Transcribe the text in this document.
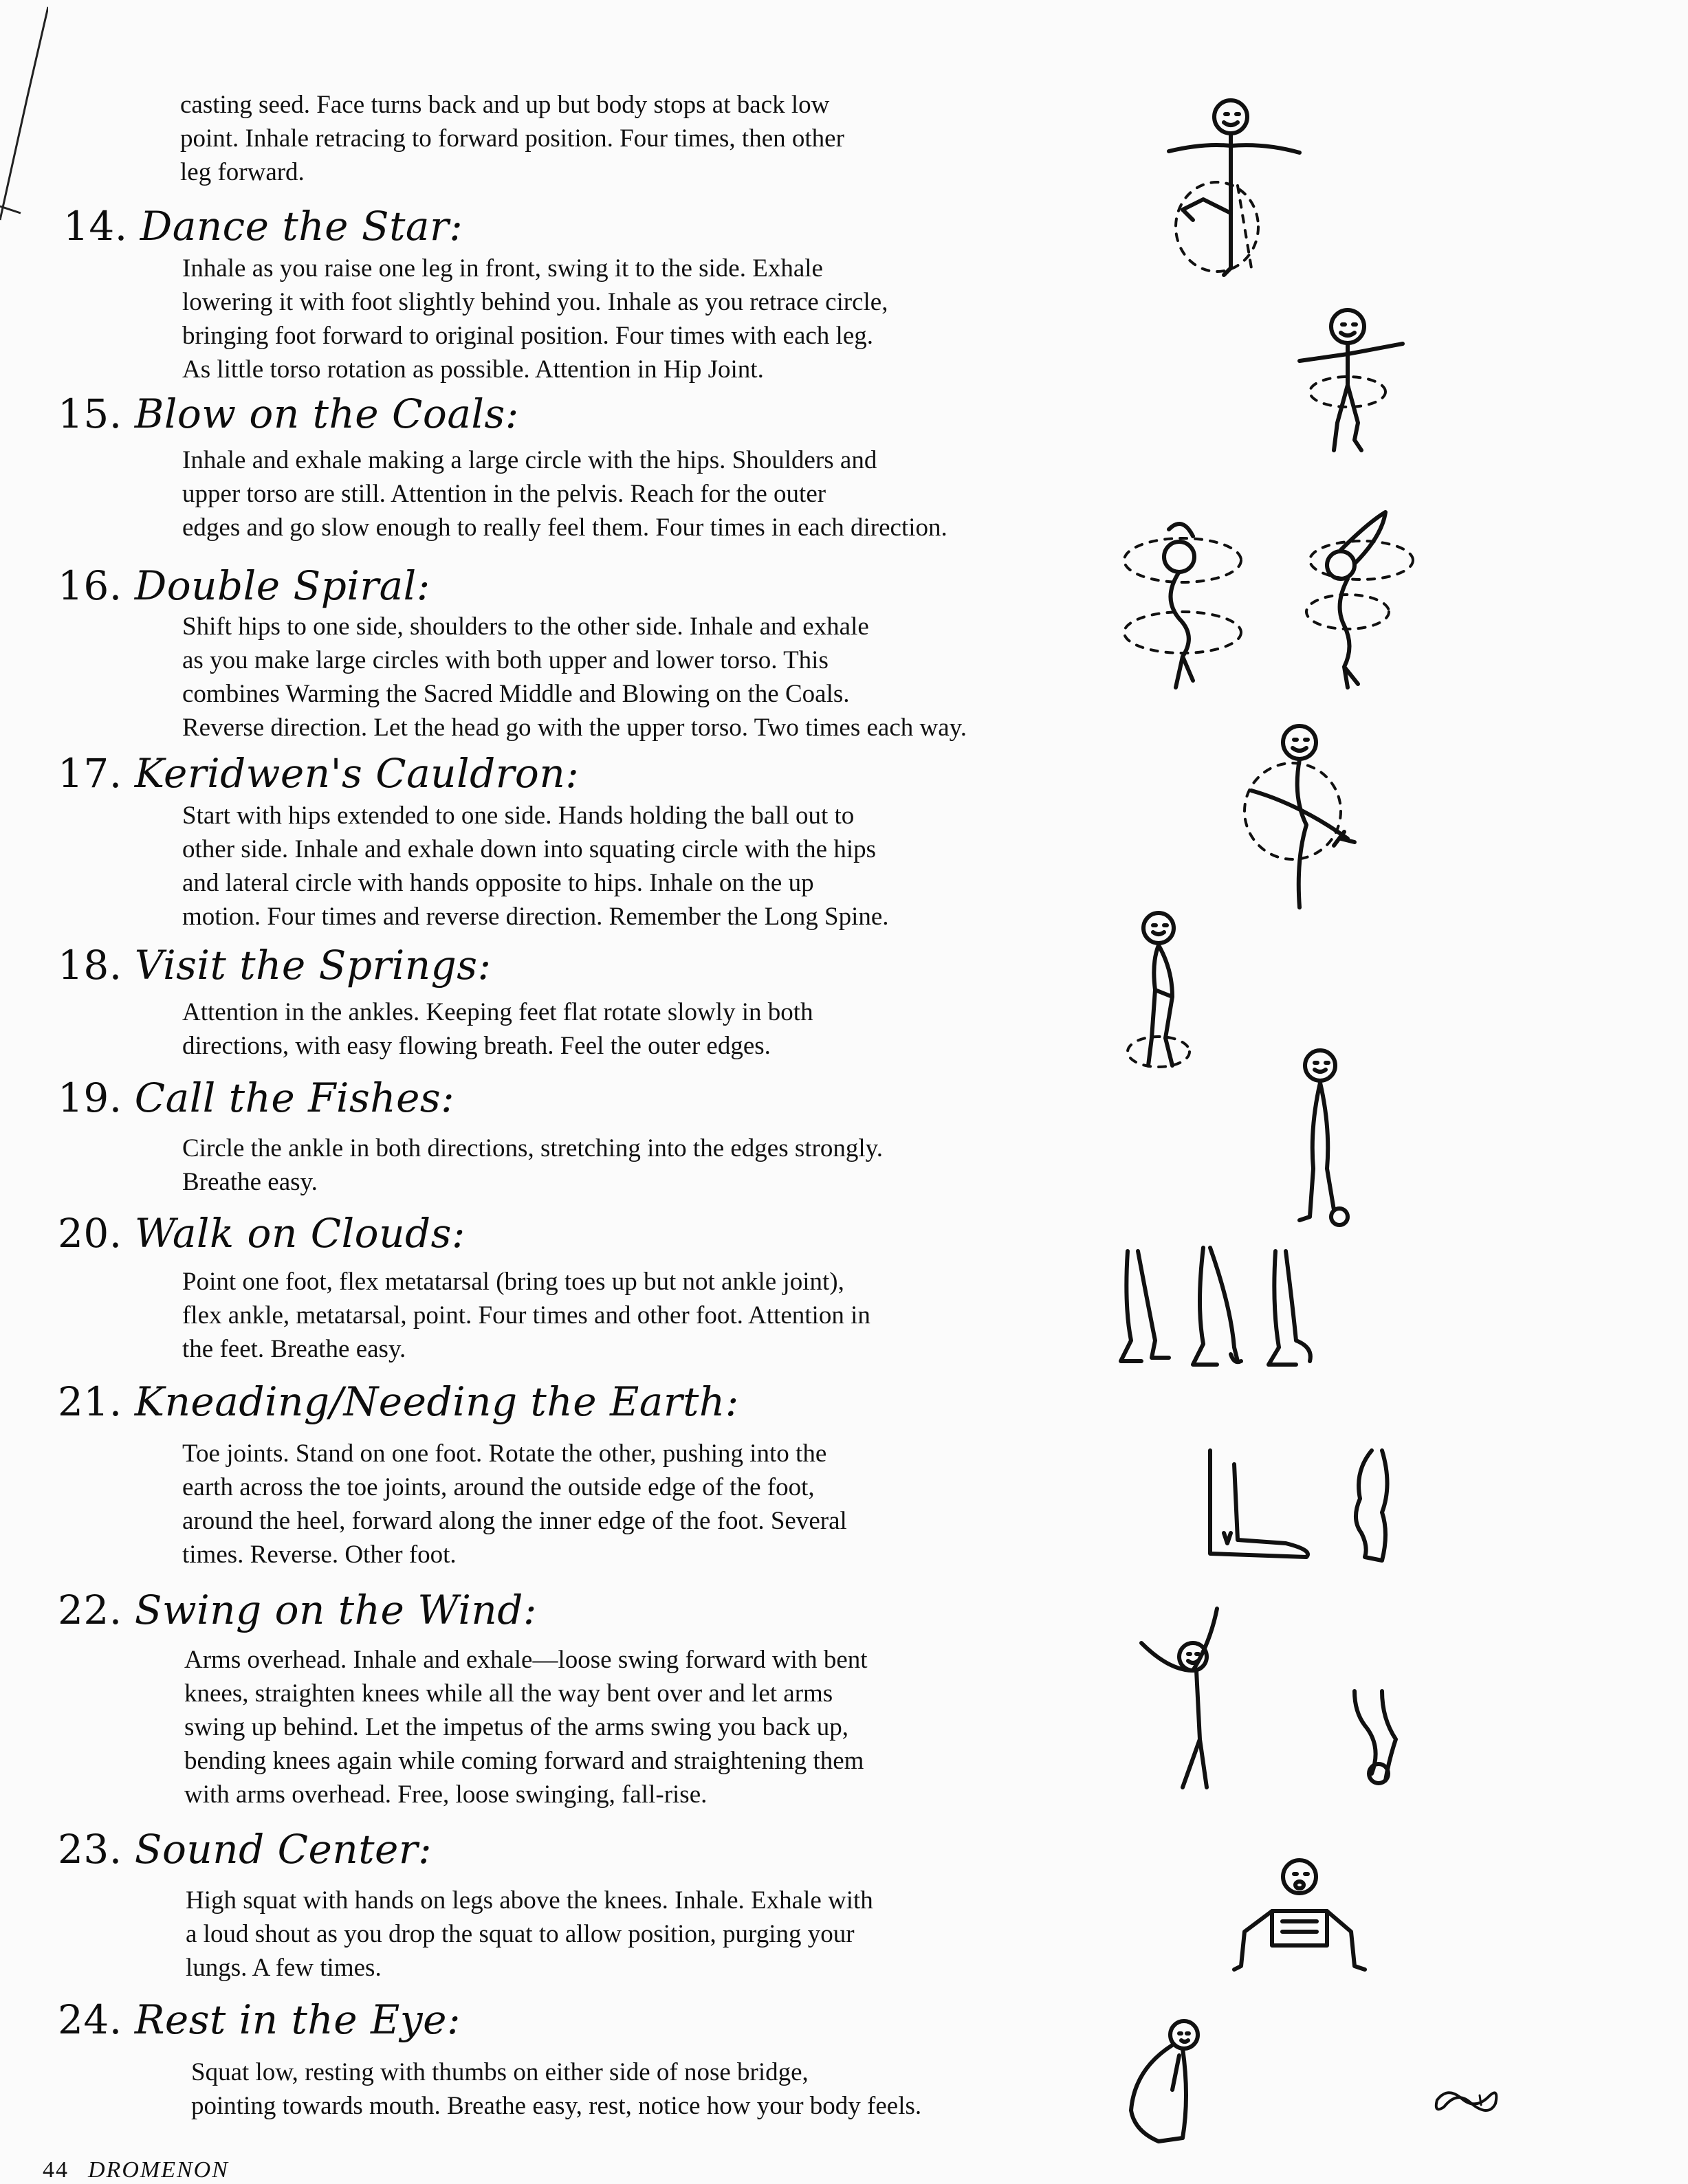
casting seed. Face turns back and up but body stops at back low
point. Inhale retracing to forward position. Four times, then other
leg forward.
14. Dance the Star:
Inhale as you raise one leg in front, swing it to the side. Exhale
lowering it with foot slightly behind you. Inhale as you retrace circle,
bringing foot forward to original position. Four times with each leg.
As little torso rotation as possible. Attention in Hip Joint.
15. Blow on the Coals:
Inhale and exhale making a large circle with the hips. Shoulders and
upper torso are still. Attention in the pelvis. Reach for the outer
edges and go slow enough to really feel them. Four times in each direction.
16. Double Spiral:
Shift hips to one side, shoulders to the other side. Inhale and exhale
as you make large circles with both upper and lower torso. This
combines Warming the Sacred Middle and Blowing on the Coals.
Reverse direction. Let the head go with the upper torso. Two times each way.
17. Keridwen's Cauldron:
Start with hips extended to one side. Hands holding the ball out to
other side. Inhale and exhale down into squating circle with the hips
and lateral circle with hands opposite to hips. Inhale on the up
motion. Four times and reverse direction. Remember the Long Spine.
18. Visit the Springs:
Attention in the ankles. Keeping feet flat rotate slowly in both
directions, with easy flowing breath. Feel the outer edges.
19. Call the Fishes:
Circle the ankle in both directions, stretching into the edges strongly.
Breathe easy.
20. Walk on Clouds:
Point one foot, flex metatarsal (bring toes up but not ankle joint),
flex ankle, metatarsal, point. Four times and other foot. Attention in
the feet. Breathe easy.
21. Kneading/Needing the Earth:
Toe joints. Stand on one foot. Rotate the other, pushing into the
earth across the toe joints, around the outside edge of the foot,
around the heel, forward along the inner edge of the foot. Several
times. Reverse. Other foot.
22. Swing on the Wind:
Arms overhead. Inhale and exhale—loose swing forward with bent
knees, straighten knees while all the way bent over and let arms
swing up behind. Let the impetus of the arms swing you back up,
bending knees again while coming forward and straightening them
with arms overhead. Free, loose swinging, fall-rise.
23. Sound Center:
High squat with hands on legs above the knees. Inhale. Exhale with
a loud shout as you drop the squat to allow position, purging your
lungs. A few times.
24. Rest in the Eye:
Squat low, resting with thumbs on either side of nose bridge,
pointing towards mouth. Breathe easy, rest, notice how your body feels.
44 DROMENON
